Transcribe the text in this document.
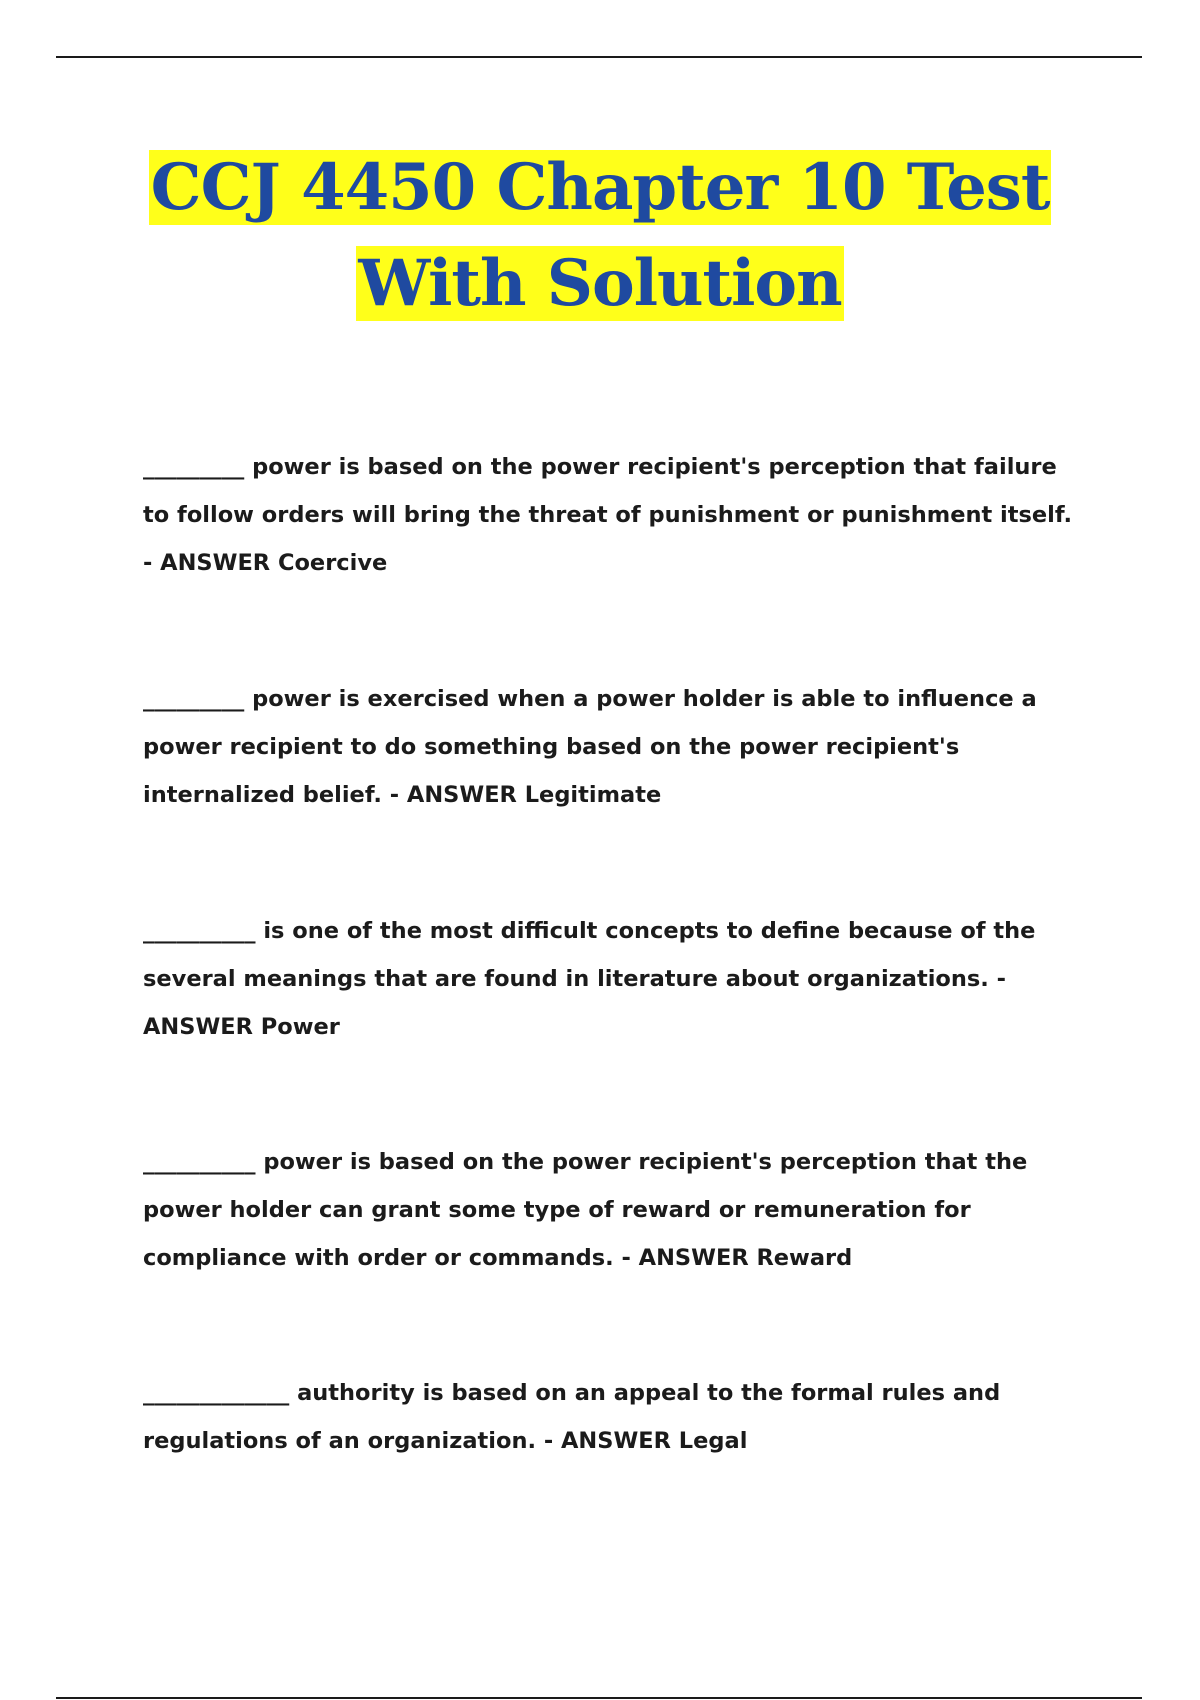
CCJ 4450 Chapter 10 Test
With Solution

_________ power is based on the power recipient's perception that failure to follow orders will bring the threat of punishment or punishment itself. - ANSWER Coercive

_________ power is exercised when a power holder is able to influence a power recipient to do something based on the power recipient's internalized belief. - ANSWER Legitimate

__________ is one of the most difficult concepts to define because of the several meanings that are found in literature about organizations. - ANSWER Power

__________ power is based on the power recipient's perception that the power holder can grant some type of reward or remuneration for compliance with order or commands. - ANSWER Reward

_____________ authority is based on an appeal to the formal rules and regulations of an organization. - ANSWER Legal
